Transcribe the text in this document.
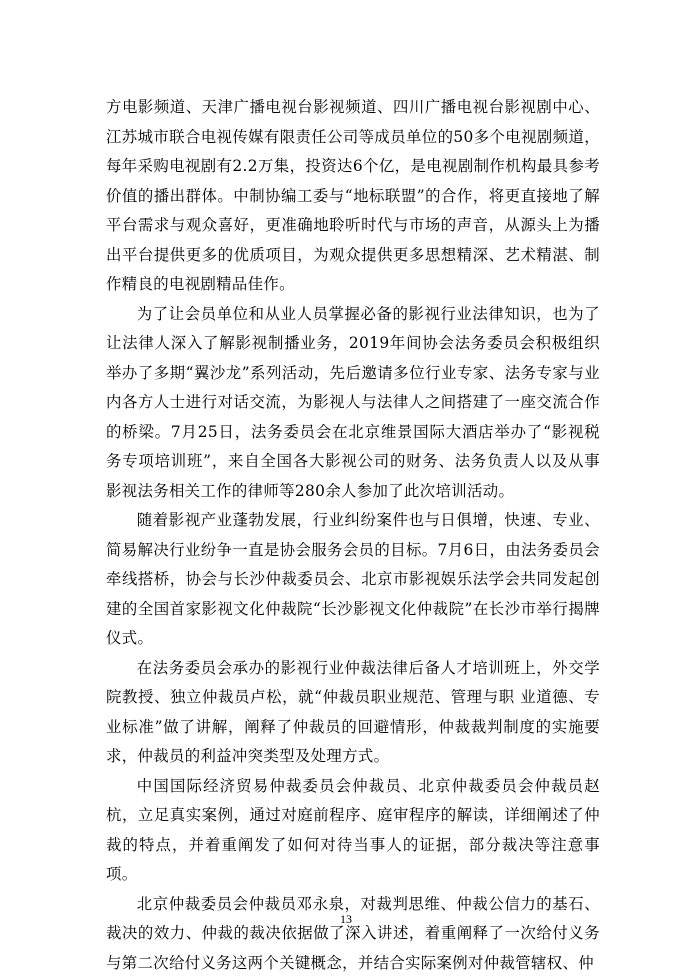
方电影频道、天津广播电视台影视频道、四川广播电视台影视剧中心、江苏城市联合电视传媒有限责任公司等成员单位的50多个电视剧频道，每年采购电视剧有2.2万集，投资达6个亿，是电视剧制作机构最具参考价值的播出群体。中制协编工委与“地标联盟”的合作，将更直接地了解平台需求与观众喜好，更准确地聆听时代与市场的声音，从源头上为播出平台提供更多的优质项目，为观众提供更多思想精深、艺术精湛、制作精良的电视剧精品佳作。

为了让会员单位和从业人员掌握必备的影视行业法律知识，也为了让法律人深入了解影视制播业务，2019年间协会法务委员会积极组织举办了多期“翼沙龙”系列活动，先后邀请多位行业专家、法务专家与业内各方人士进行对话交流，为影视人与法律人之间搭建了一座交流合作的桥梁。7月25日，法务委员会在北京维景国际大酒店举办了“影视税务专项培训班”，来自全国各大影视公司的财务、法务负责人以及从事影视法务相关工作的律师等280余人参加了此次培训活动。

随着影视产业蓬勃发展，行业纠纷案件也与日俱增，快速、专业、简易解决行业纷争一直是协会服务会员的目标。7月6日，由法务委员会牵线搭桥，协会与长沙仲裁委员会、北京市影视娱乐法学会共同发起创建的全国首家影视文化仲裁院“长沙影视文化仲裁院”在长沙市举行揭牌仪式。

在法务委员会承办的影视行业仲裁法律后备人才培训班上，外交学院教授、独立仲裁员卢松，就“仲裁员职业规范、管理与职 业道德、专业标准”做了讲解，阐释了仲裁员的回避情形，仲裁裁判制度的实施要求，仲裁员的利益冲突类型及处理方式。

中国国际经济贸易仲裁委员会仲裁员、北京仲裁委员会仲裁员赵杭，立足真实案例，通过对庭前程序、庭审程序的解读，详细阐述了仲裁的特点，并着重阐发了如何对待当事人的证据，部分裁决等注意事项。

北京仲裁委员会仲裁员邓永泉，对裁判思维、仲裁公信力的基石、裁决的效力、仲裁的裁决依据做了深入讲述，着重阐释了一次给付义务与第二次给付义务这两个关键概念，并结合实际案例对仲裁管辖权、仲

13
